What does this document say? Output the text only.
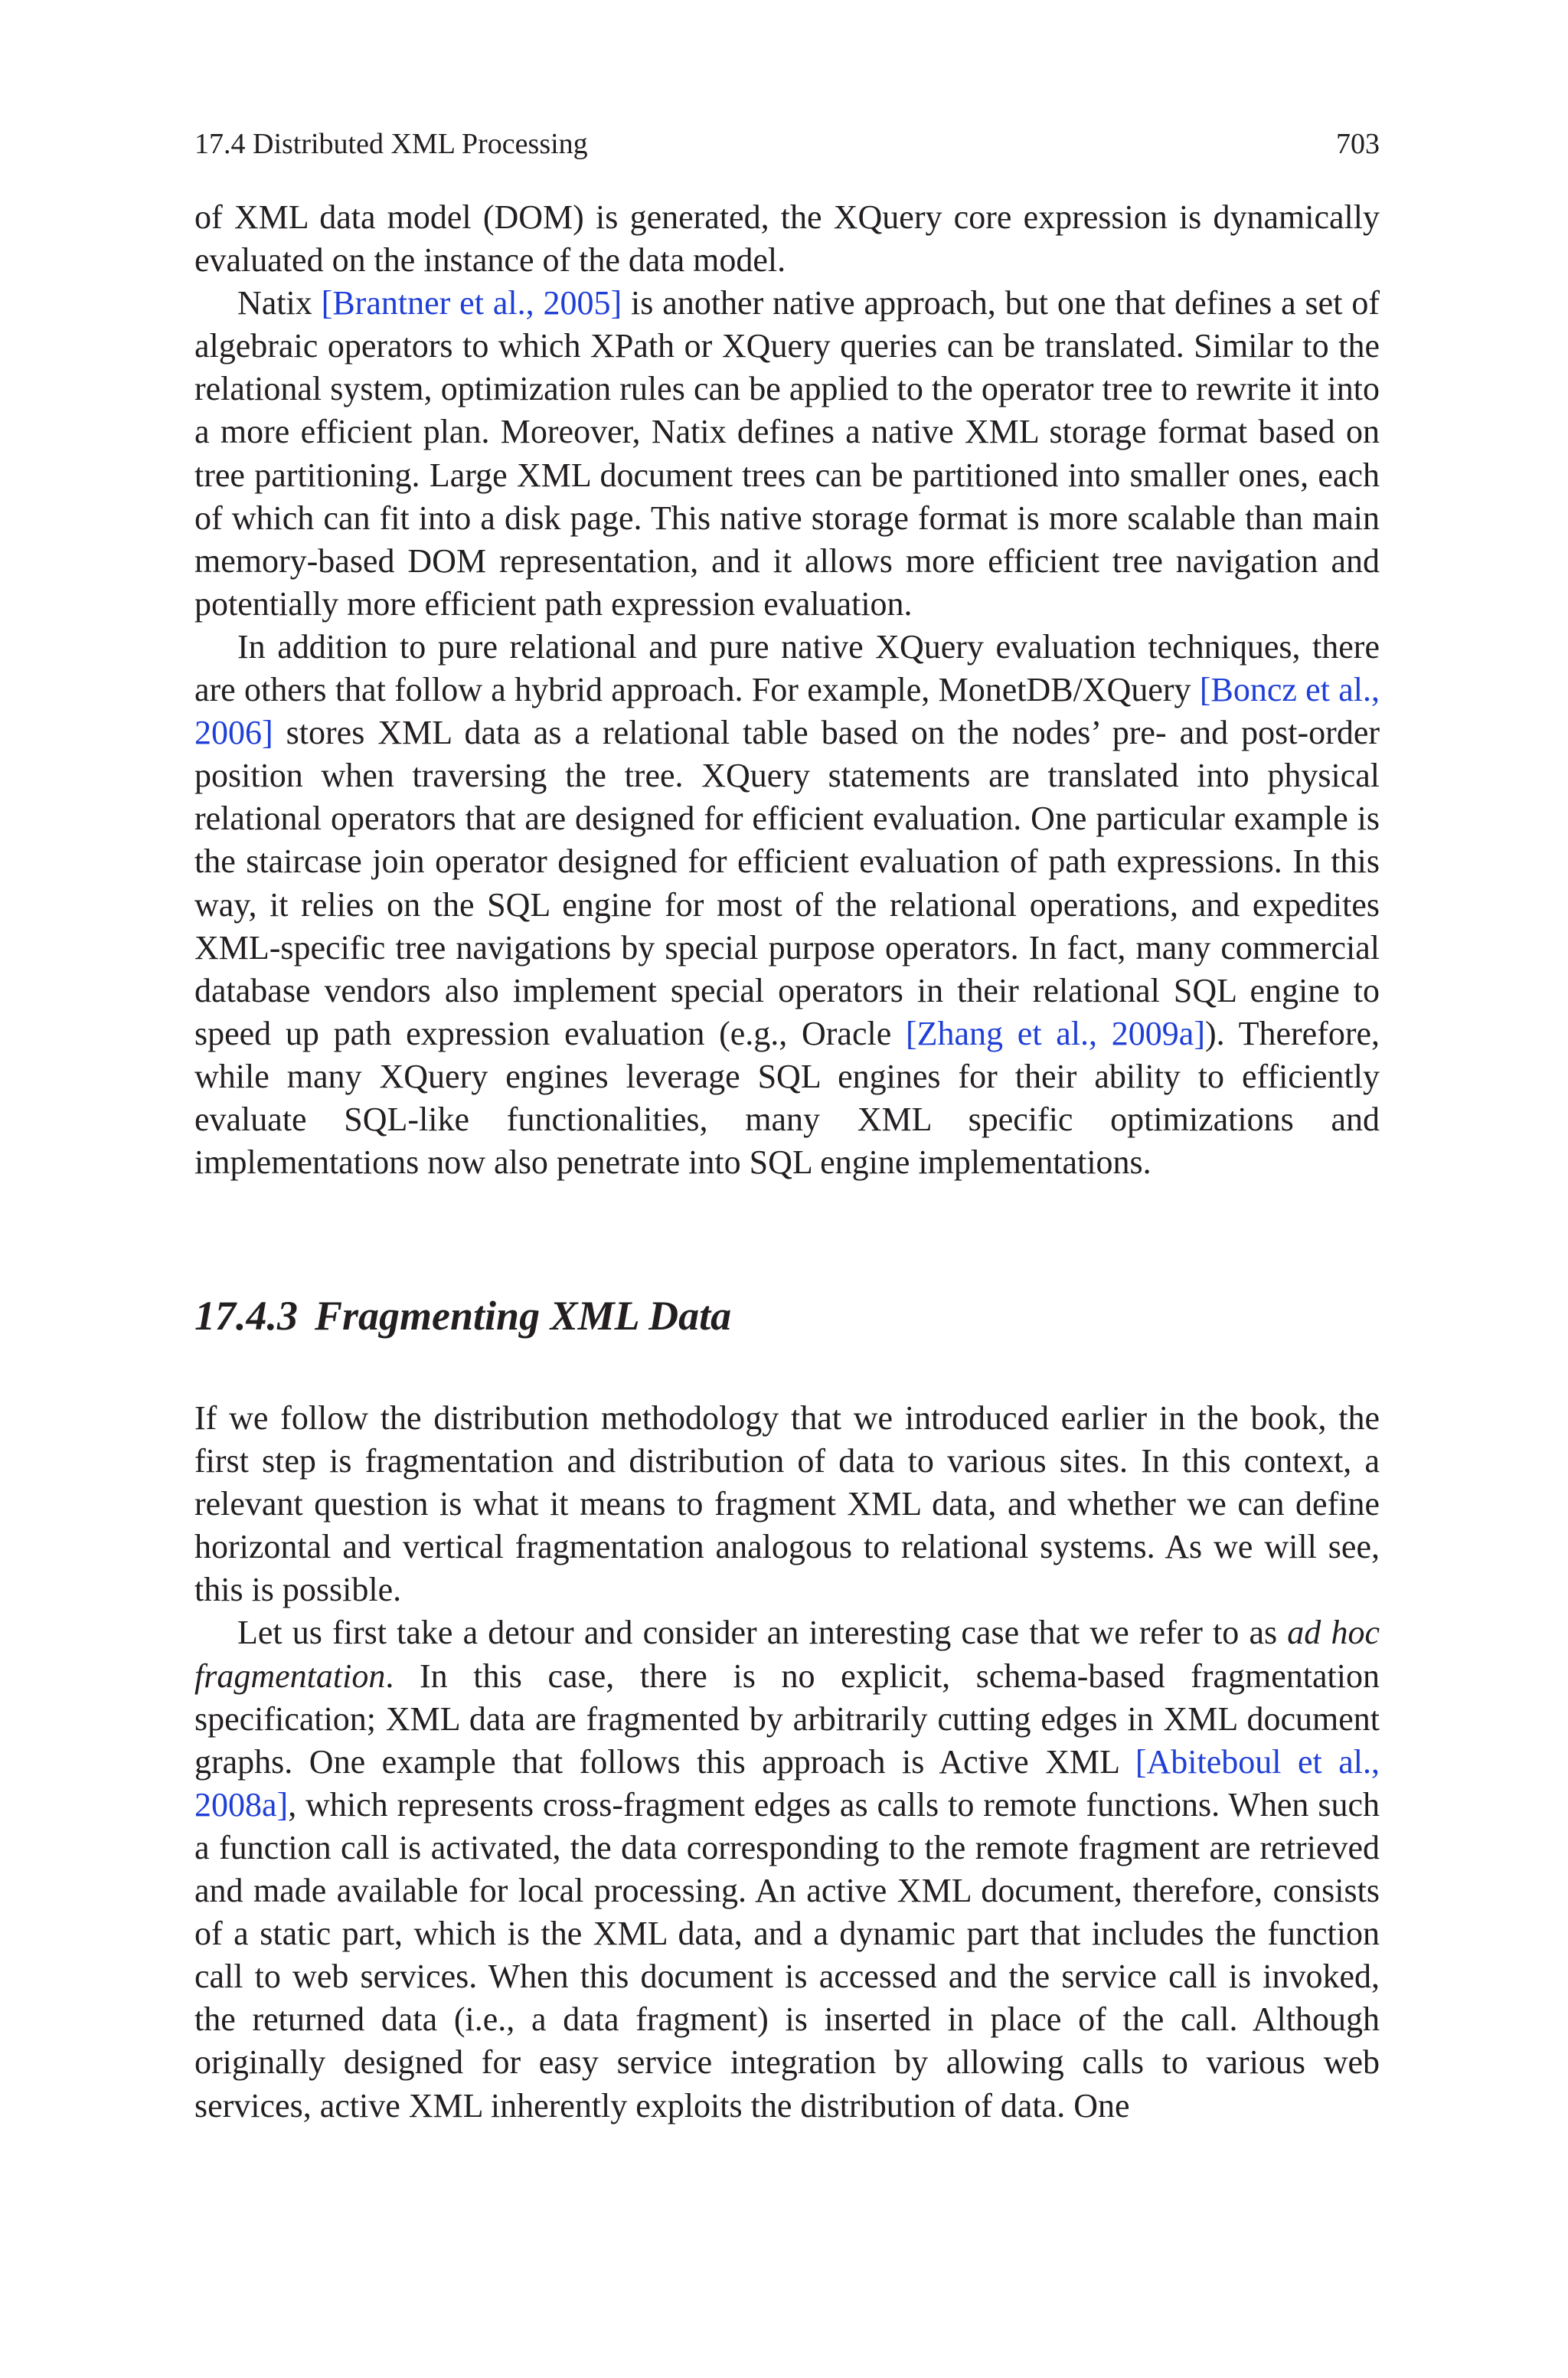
17.4 Distributed XML Processing	703

of XML data model (DOM) is generated, the XQuery core expression is dynamically evaluated on the instance of the data model.

Natix [Brantner et al., 2005] is another native approach, but one that defines a set of algebraic operators to which XPath or XQuery queries can be translated. Similar to the relational system, optimization rules can be applied to the operator tree to rewrite it into a more efficient plan. Moreover, Natix defines a native XML storage format based on tree partitioning. Large XML document trees can be partitioned into smaller ones, each of which can fit into a disk page. This native storage format is more scalable than main memory-based DOM representation, and it allows more efficient tree navigation and potentially more efficient path expression evaluation.

In addition to pure relational and pure native XQuery evaluation techniques, there are others that follow a hybrid approach. For example, MonetDB/XQuery [Boncz et al., 2006] stores XML data as a relational table based on the nodes’ pre- and post-order position when traversing the tree. XQuery statements are translated into physical relational operators that are designed for efficient evaluation. One particular example is the staircase join operator designed for efficient evaluation of path expressions. In this way, it relies on the SQL engine for most of the relational operations, and expedites XML-specific tree navigations by special purpose operators. In fact, many commercial database vendors also implement special operators in their relational SQL engine to speed up path expression evaluation (e.g., Oracle [Zhang et al., 2009a]). Therefore, while many XQuery engines leverage SQL engines for their ability to efficiently evaluate SQL-like functionalities, many XML specific optimizations and implementations now also penetrate into SQL engine implementations.

17.4.3 Fragmenting XML Data

If we follow the distribution methodology that we introduced earlier in the book, the first step is fragmentation and distribution of data to various sites. In this context, a relevant question is what it means to fragment XML data, and whether we can define horizontal and vertical fragmentation analogous to relational systems. As we will see, this is possible.

Let us first take a detour and consider an interesting case that we refer to as ad hoc fragmentation. In this case, there is no explicit, schema-based fragmentation specification; XML data are fragmented by arbitrarily cutting edges in XML document graphs. One example that follows this approach is Active XML [Abiteboul et al., 2008a], which represents cross-fragment edges as calls to remote functions. When such a function call is activated, the data corresponding to the remote fragment are retrieved and made available for local processing. An active XML document, therefore, consists of a static part, which is the XML data, and a dynamic part that includes the function call to web services. When this document is accessed and the service call is invoked, the returned data (i.e., a data fragment) is inserted in place of the call. Although originally designed for easy service integration by allowing calls to various web services, active XML inherently exploits the distribution of data. One
